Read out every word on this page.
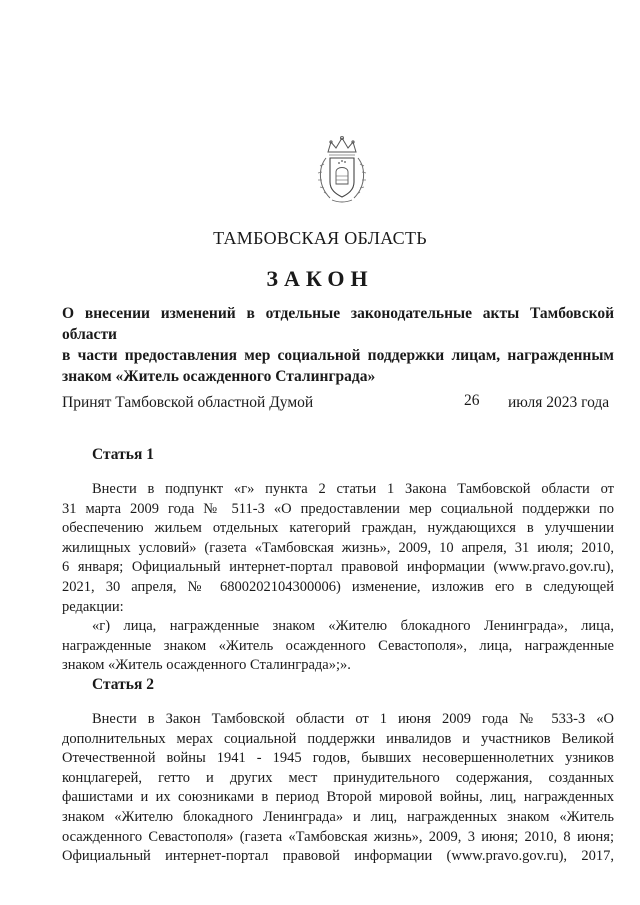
ТАМБОВСКАЯ ОБЛАСТЬ
ЗАКОН
О внесении изменений в отдельные законодательные акты Тамбовской области
в части предоставления мер социальной поддержки лицам, награжденным
знаком «Житель осажденного Сталинграда»
Принят Тамбовской областной Думой	26 июля 2023 года
Статья 1
Внести в подпункт «г» пункта 2 статьи 1 Закона Тамбовской области от
31 марта 2009 года № 511-З «О предоставлении мер социальной поддержки по
обеспечению жильем отдельных категорий граждан, нуждающихся в улучшении
жилищных условий» (газета «Тамбовская жизнь», 2009, 10 апреля, 31 июля; 2010,
6 января; Официальный интернет-портал правовой информации (www.pravo.gov.ru),
2021, 30 апреля, № 6800202104300006) изменение, изложив его в следующей
редакции:
«г) лица, награжденные знаком «Жителю блокадного Ленинграда», лица,
награжденные знаком «Житель осажденного Севастополя», лица, награжденные
знаком «Житель осажденного Сталинграда»;».
Статья 2
Внести в Закон Тамбовской области от 1 июня 2009 года № 533-З «О
дополнительных мерах социальной поддержки инвалидов и участников Великой
Отечественной войны 1941 - 1945 годов, бывших несовершеннолетних узников
концлагерей, гетто и других мест принудительного содержания, созданных
фашистами и их союзниками в период Второй мировой войны, лиц, награжденных
знаком «Жителю блокадного Ленинграда» и лиц, награжденных знаком «Житель
осажденного Севастополя» (газета «Тамбовская жизнь», 2009, 3 июня; 2010, 8 июня;
Официальный интернет-портал правовой информации (www.pravo.gov.ru), 2017,
